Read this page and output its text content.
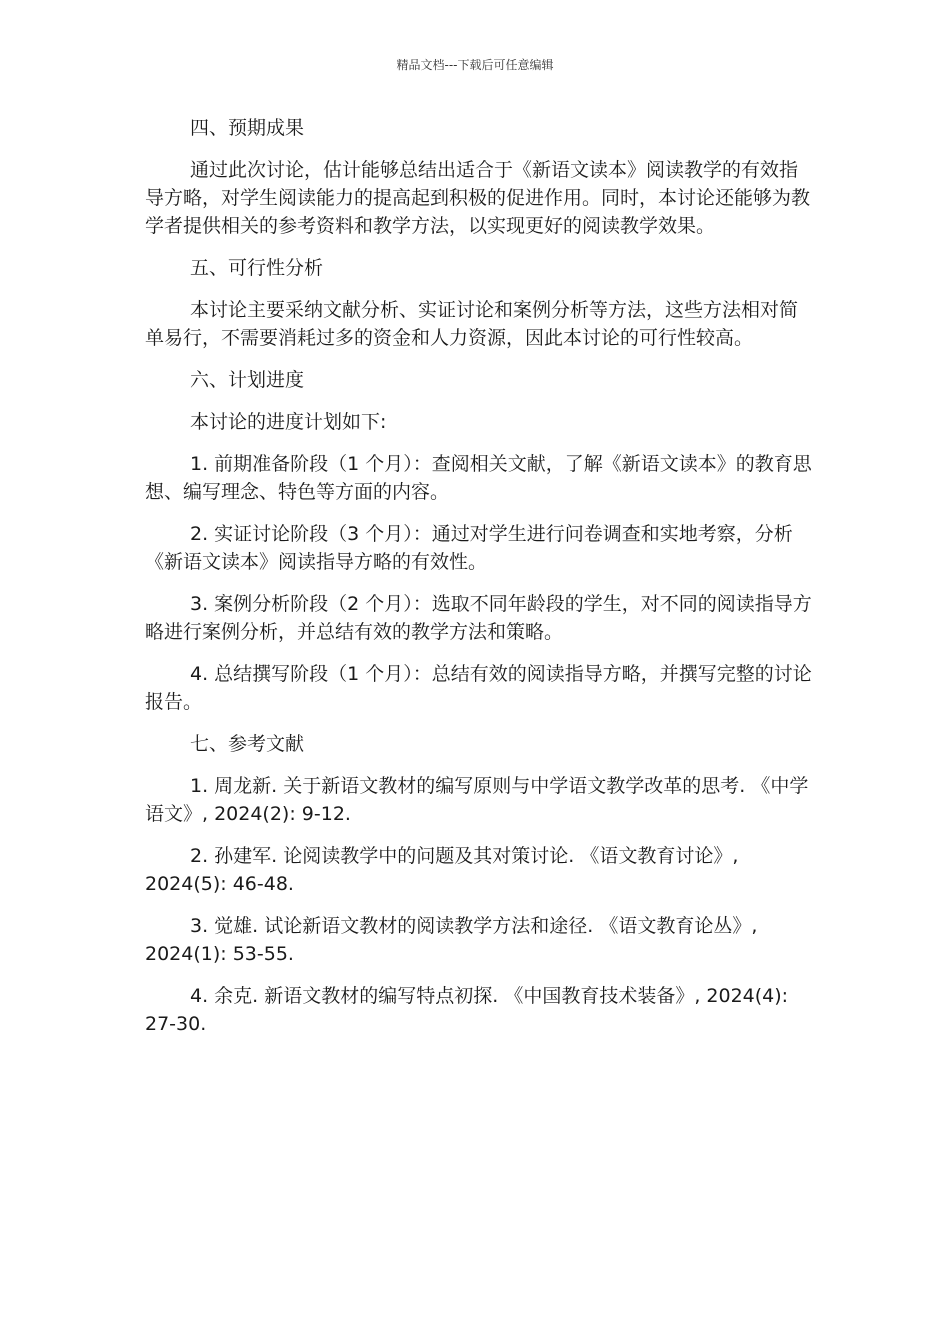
精品文档---下载后可任意编辑

四、预期成果

通过此次讨论，估计能够总结出适合于《新语文读本》阅读教学的有效指导方略，对学生阅读能力的提高起到积极的促进作用。同时，本讨论还能够为教学者提供相关的参考资料和教学方法，以实现更好的阅读教学效果。

五、可行性分析

本讨论主要采纳文献分析、实证讨论和案例分析等方法，这些方法相对简单易行，不需要消耗过多的资金和人力资源，因此本讨论的可行性较高。

六、计划进度

本讨论的进度计划如下:

1. 前期准备阶段（1 个月）：查阅相关文献，了解《新语文读本》的教育思想、编写理念、特色等方面的内容。

2. 实证讨论阶段（3 个月）：通过对学生进行问卷调查和实地考察，分析《新语文读本》阅读指导方略的有效性。

3. 案例分析阶段（2 个月）：选取不同年龄段的学生，对不同的阅读指导方略进行案例分析，并总结有效的教学方法和策略。

4. 总结撰写阶段（1 个月）：总结有效的阅读指导方略，并撰写完整的讨论报告。

七、参考文献

1. 周龙新. 关于新语文教材的编写原则与中学语文教学改革的思考. 《中学语文》, 2024(2): 9-12.

2. 孙建军. 论阅读教学中的问题及其对策讨论. 《语文教育讨论》, 2024(5): 46-48.

3. 觉雄. 试论新语文教材的阅读教学方法和途径. 《语文教育论丛》, 2024(1): 53-55.

4. 余克. 新语文教材的编写特点初探. 《中国教育技术装备》, 2024(4): 27-30.
